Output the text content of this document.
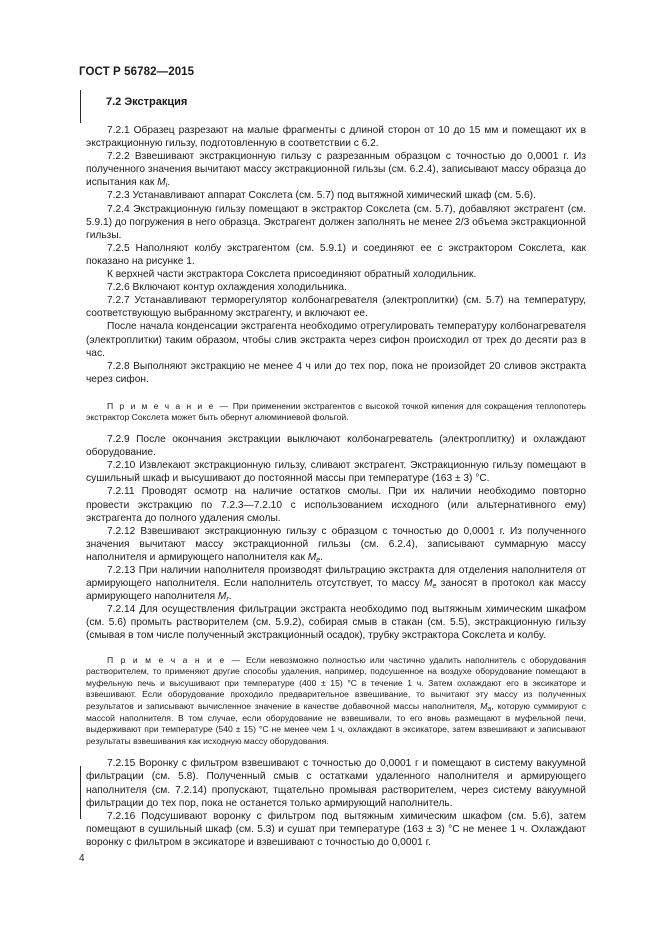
ГОСТ Р 56782—2015
7.2 Экстракция

7.2.1 Образец разрезают на малые фрагменты с длиной сторон от 10 до 15 мм и помещают их в экстракционную гильзу, подготовленную в соответствии с 6.2.

7.2.2 Взвешивают экстракционную гильзу с разрезанным образцом с точностью до 0,0001 г. Из полученного значения вычитают массу экстракционной гильзы (см. 6.2.4), записывают массу образца до испытания как $M_i$.

7.2.3 Устанавливают аппарат Сокслета (см. 5.7) под вытяжной химический шкаф (см. 5.6).

7.2.4 Экстракционную гильзу помещают в экстрактор Сокслета (см. 5.7), добавляют экстрагент (см. 5.9.1) до погружения в него образца. Экстрагент должен заполнять не менее 2/3 объема экстракционной гильзы.

7.2.5 Наполняют колбу экстрагентом (см. 5.9.1) и соединяют ее с экстрактором Сокслета, как показано на рисунке 1.

К верхней части экстрактора Сокслета присоединяют обратный холодильник.

7.2.6 Включают контур охлаждения холодильника.

7.2.7 Устанавливают терморегулятор колбонагревателя (электроплитки) (см. 5.7) на температуру, соответствующую выбранному экстрагенту, и включают ее.

После начала конденсации экстрагента необходимо отрегулировать температуру колбонагревателя (электроплитки) таким образом, чтобы слив экстракта через сифон происходил от трех до десяти раз в час.

7.2.8 Выполняют экстракцию не менее 4 ч или до тех пор, пока не произойдет 20 сливов экстракта через сифон.

П р и м е ч а н и е — При применении экстрагентов с высокой точкой кипения для сокращения теплопотерь экстрактор Сокслета может быть обернут алюминиевой фольгой.

7.2.9 После окончания экстракции выключают колбонагреватель (электроплитку) и охлаждают оборудование.

7.2.10 Извлекают экстракционную гильзу, сливают экстрагент. Экстракционную гильзу помещают в сушильный шкаф и высушивают до постоянной массы при температуре (163 ± 3) °С.

7.2.11 Проводят осмотр на наличие остатков смолы. При их наличии необходимо повторно провести экстракцию по 7.2.3—7.2.10 с использованием исходного (или альтернативного ему) экстрагента до полного удаления смолы.

7.2.12 Взвешивают экстракционную гильзу с образцом с точностью до 0,0001 г. Из полученного значения вычитают массу экстракционной гильзы (см. 6.2.4), записывают суммарную массу наполнителя и армирующего наполнителя как $M_e$.

7.2.13 При наличии наполнителя производят фильтрацию экстракта для отделения наполнителя от армирующего наполнителя. Если наполнитель отсутствует, то массу $M_e$ заносят в протокол как массу армирующего наполнителя $M_r$.

7.2.14 Для осуществления фильтрации экстракта необходимо под вытяжным химическим шкафом (см. 5.6) промыть растворителем (см. 5.9.2), собирая смыв в стакан (см. 5.5), экстракционную гильзу (смывая в том числе полученный экстракционный осадок), трубку экстрактора Сокслета и колбу.

П р и м е ч а н и е — Если невозможно полностью или частично удалить наполнитель с оборудования растворителем, то применяют другие способы удаления, например, подсушенное на воздухе оборудование помещают в муфельную печь и высушивают при температуре (400 ± 15) °С в течение 1 ч. Затем охлаждают его в эксикаторе и взвешивают. Если оборудование проходило предварительное взвешивание, то вычитают эту массу из полученных результатов и записывают вычисленное значение в качестве добавочной массы наполнителя, $M_a$, которую суммируют с массой наполнителя. В том случае, если оборудование не взвешивали, то его вновь размещают в муфельной печи, выдерживают при температуре (540 ± 15) °С не менее чем 1 ч, охлаждают в эксикаторе, затем взвешивают и записывают результаты взвешивания как исходную массу оборудования.

7.2.15 Воронку с фильтром взвешивают с точностью до 0,0001 г и помещают в систему вакуумной фильтрации (см. 5.8). Полученный смыв с остатками удаленного наполнителя и армирующего наполнителя (см. 7.2.14) пропускают, тщательно промывая растворителем, через систему вакуумной фильтрации до тех пор, пока не останется только армирующий наполнитель.

7.2.16 Подсушивают воронку с фильтром под вытяжным химическим шкафом (см. 5.6), затем помещают в сушильный шкаф (см. 5.3) и сушат при температуре (163 ± 3) °С не менее 1 ч. Охлаждают воронку с фильтром в эксикаторе и взвешивают с точностью до 0,0001 г.

4
